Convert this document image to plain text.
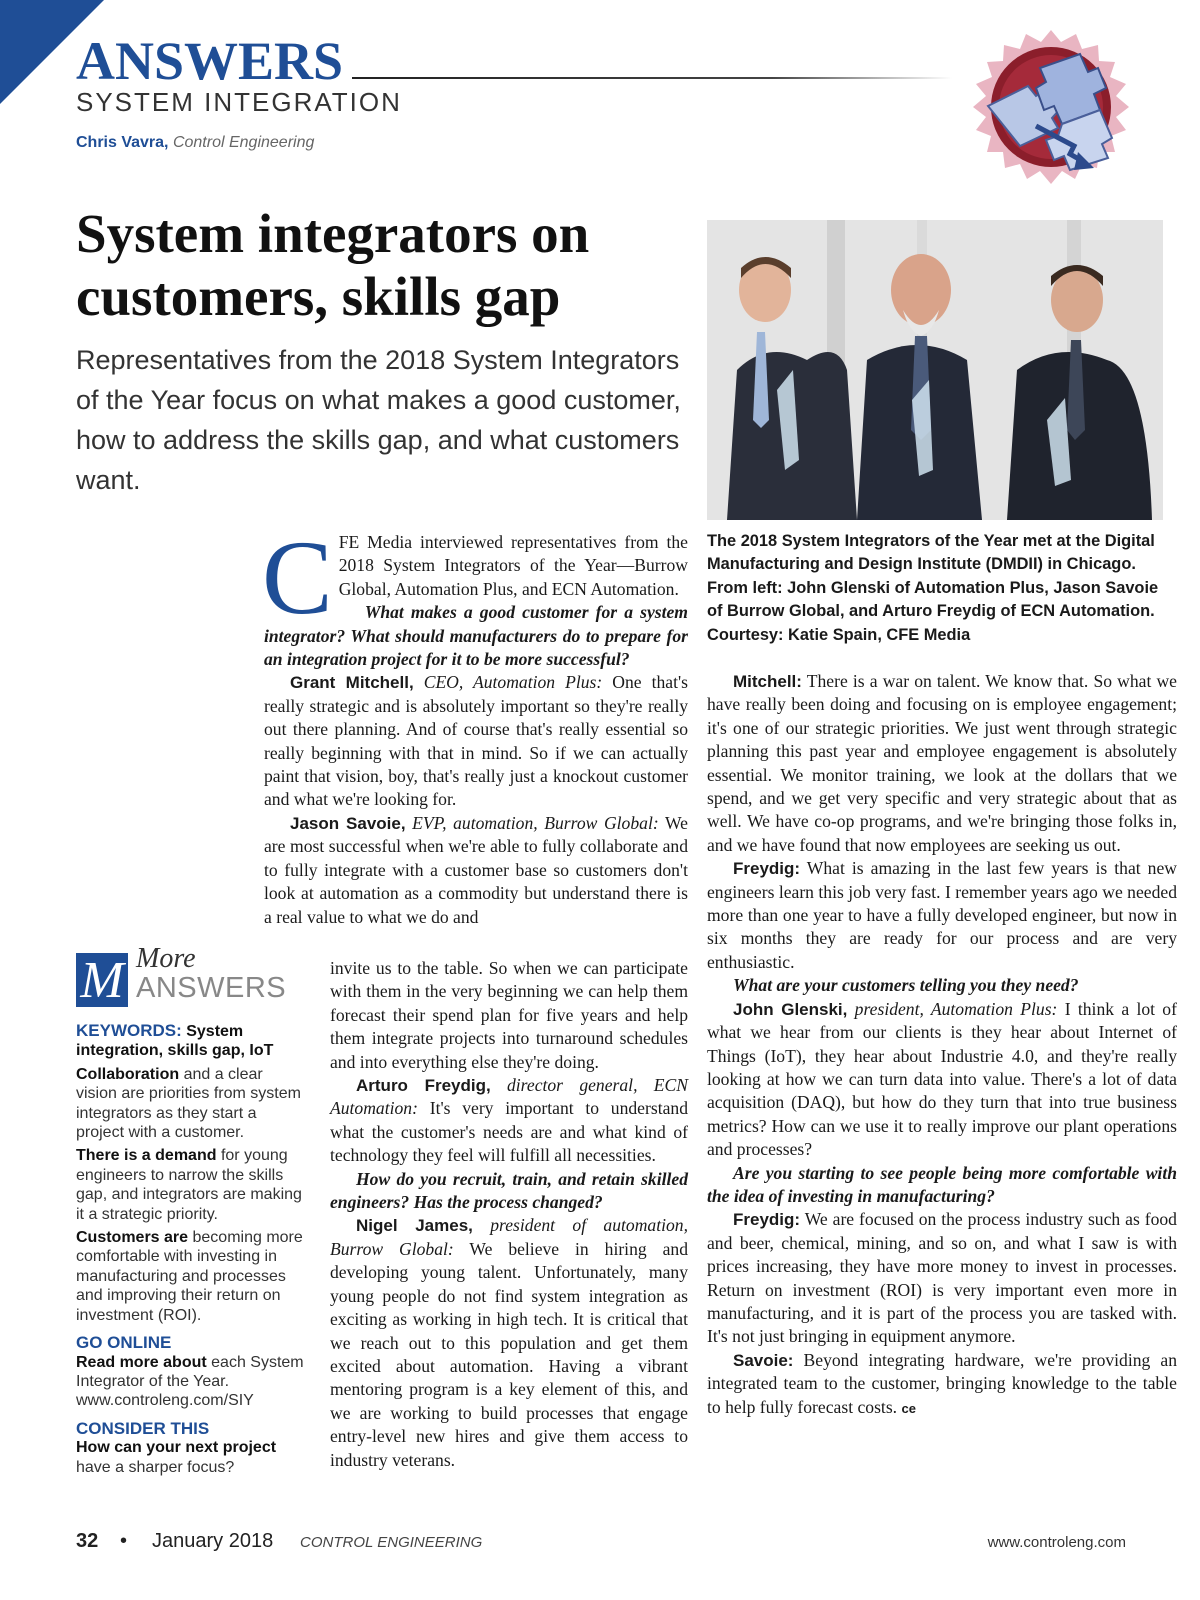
ANSWERS
SYSTEM INTEGRATION
Chris Vavra, Control Engineering
System integrators on
customers, skills gap
Representatives from the 2018 System Integrators of the Year focus on what makes a good customer, how to address the skills gap, and what customers want.
The 2018 System Integrators of the Year met at the Digital Manufacturing and Design Institute (DMDII) in Chicago. From left: John Glenski of Automation Plus, Jason Savoie of Burrow Global, and Arturo Freydig of ECN Automation. Courtesy: Katie Spain, CFE Media
C FE Media interviewed representatives from the 2018 System Integrators of the Year—Burrow Global, Automation Plus, and ECN Automation.

What makes a good customer for a system integrator? What should manufacturers do to prepare for an integration project for it to be more successful?

Grant Mitchell, CEO, Automation Plus: One that's really strategic and is absolutely important so they're really out there planning. And of course that's really essential so really beginning with that in mind. So if we can actually paint that vision, boy, that's really just a knockout customer and what we're looking for.

Jason Savoie, EVP, automation, Burrow Global: We are most successful when we're able to fully collaborate and to fully integrate with a customer base so customers don't look at automation as a commodity but understand there is a real value to what we do and

invite us to the table. So when we can participate with them in the very beginning we can help them forecast their spend plan for five years and help them integrate projects into turnaround schedules and into everything else they're doing.

Arturo Freydig, director general, ECN Automation: It's very important to understand what the customer's needs are and what kind of technology they feel will fulfill all necessities.

How do you recruit, train, and retain skilled engineers? Has the process changed?

Nigel James, president of automation, Burrow Global: We believe in hiring and developing young talent. Unfortunately, many young people do not find system integration as exciting as working in high tech. It is critical that we reach out to this population and get them excited about automation. Having a vibrant mentoring program is a key element of this, and we are working to build processes that engage entry-level new hires and give them access to industry veterans.

Mitchell: There is a war on talent. We know that. So what we have really been doing and focusing on is employee engagement; it's one of our strategic priorities. We just went through strategic planning this past year and employee engagement is absolutely essential. We monitor training, we look at the dollars that we spend, and we get very specific and very strategic about that as well. We have co-op programs, and we're bringing those folks in, and we have found that now employees are seeking us out.

Freydig: What is amazing in the last few years is that new engineers learn this job very fast. I remember years ago we needed more than one year to have a fully developed engineer, but now in six months they are ready for our process and are very enthusiastic.

What are your customers telling you they need?

John Glenski, president, Automation Plus: I think a lot of what we hear from our clients is they hear about Internet of Things (IoT), they hear about Industrie 4.0, and they're really looking at how we can turn data into value. There's a lot of data acquisition (DAQ), but how do they turn that into true business metrics? How can we use it to really improve our plant operations and processes?

Are you starting to see people being more comfortable with the idea of investing in manufacturing?

Freydig: We are focused on the process industry such as food and beer, chemical, mining, and so on, and what I saw is with prices increasing, they have more money to invest in processes. Return on investment (ROI) is very important even more in manufacturing, and it is part of the process you are tasked with. It's not just bringing in equipment anymore.

Savoie: Beyond integrating hardware, we're providing an integrated team to the customer, bringing knowledge to the table to help fully forecast costs. ce

M More
ANSWERS
KEYWORDS: System integration, skills gap, IoT
Collaboration and a clear vision are priorities from system integrators as they start a project with a customer.
There is a demand for young engineers to narrow the skills gap, and integrators are making it a strategic priority.
Customers are becoming more comfortable with investing in manufacturing and processes and improving their return on investment (ROI).
GO ONLINE
Read more about each System Integrator of the Year. www.controleng.com/SIY
CONSIDER THIS
How can your next project have a sharper focus?
32 • January 2018 CONTROL ENGINEERING	www.controleng.com
